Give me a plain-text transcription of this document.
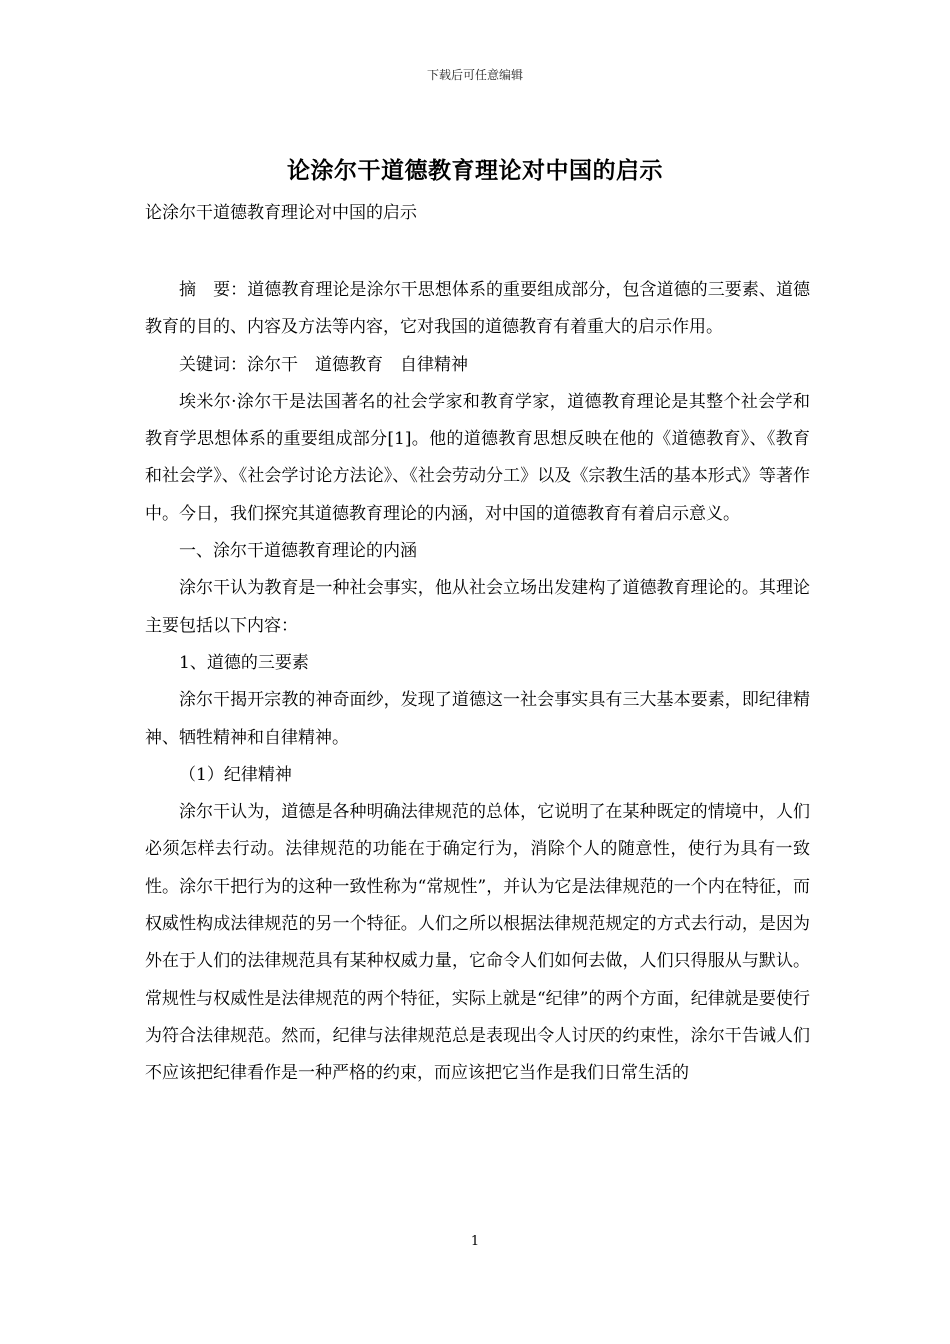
下载后可任意编辑
论涂尔干道德教育理论对中国的启示
论涂尔干道德教育理论对中国的启示

摘　要：道德教育理论是涂尔干思想体系的重要组成部分，包含道德的三要素、道德教育的目的、内容及方法等内容，它对我国的道德教育有着重大的启示作用。

关键词：涂尔干　道德教育　自律精神

埃米尔·涂尔干是法国著名的社会学家和教育学家，道德教育理论是其整个社会学和教育学思想体系的重要组成部分[1]。他的道德教育思想反映在他的《道德教育》、《教育和社会学》、《社会学讨论方法论》、《社会劳动分工》以及《宗教生活的基本形式》等著作中。今日，我们探究其道德教育理论的内涵，对中国的道德教育有着启示意义。

一、涂尔干道德教育理论的内涵

涂尔干认为教育是一种社会事实，他从社会立场出发建构了道德教育理论的。其理论主要包括以下内容：

1、道德的三要素

涂尔干揭开宗教的神奇面纱，发现了道德这一社会事实具有三大基本要素，即纪律精神、牺牲精神和自律精神。

（1）纪律精神

涂尔干认为，道德是各种明确法律规范的总体，它说明了在某种既定的情境中，人们必须怎样去行动。法律规范的功能在于确定行为，消除个人的随意性，使行为具有一致性。涂尔干把行为的这种一致性称为“常规性”，并认为它是法律规范的一个内在特征，而权威性构成法律规范的另一个特征。人们之所以根据法律规范规定的方式去行动，是因为外在于人们的法律规范具有某种权威力量，它命令人们如何去做，人们只得服从与默认。常规性与权威性是法律规范的两个特征，实际上就是“纪律”的两个方面，纪律就是要使行为符合法律规范。然而，纪律与法律规范总是表现出令人讨厌的约束性，涂尔干告诫人们不应该把纪律看作是一种严格的约束，而应该把它当作是我们日常生活的

1
